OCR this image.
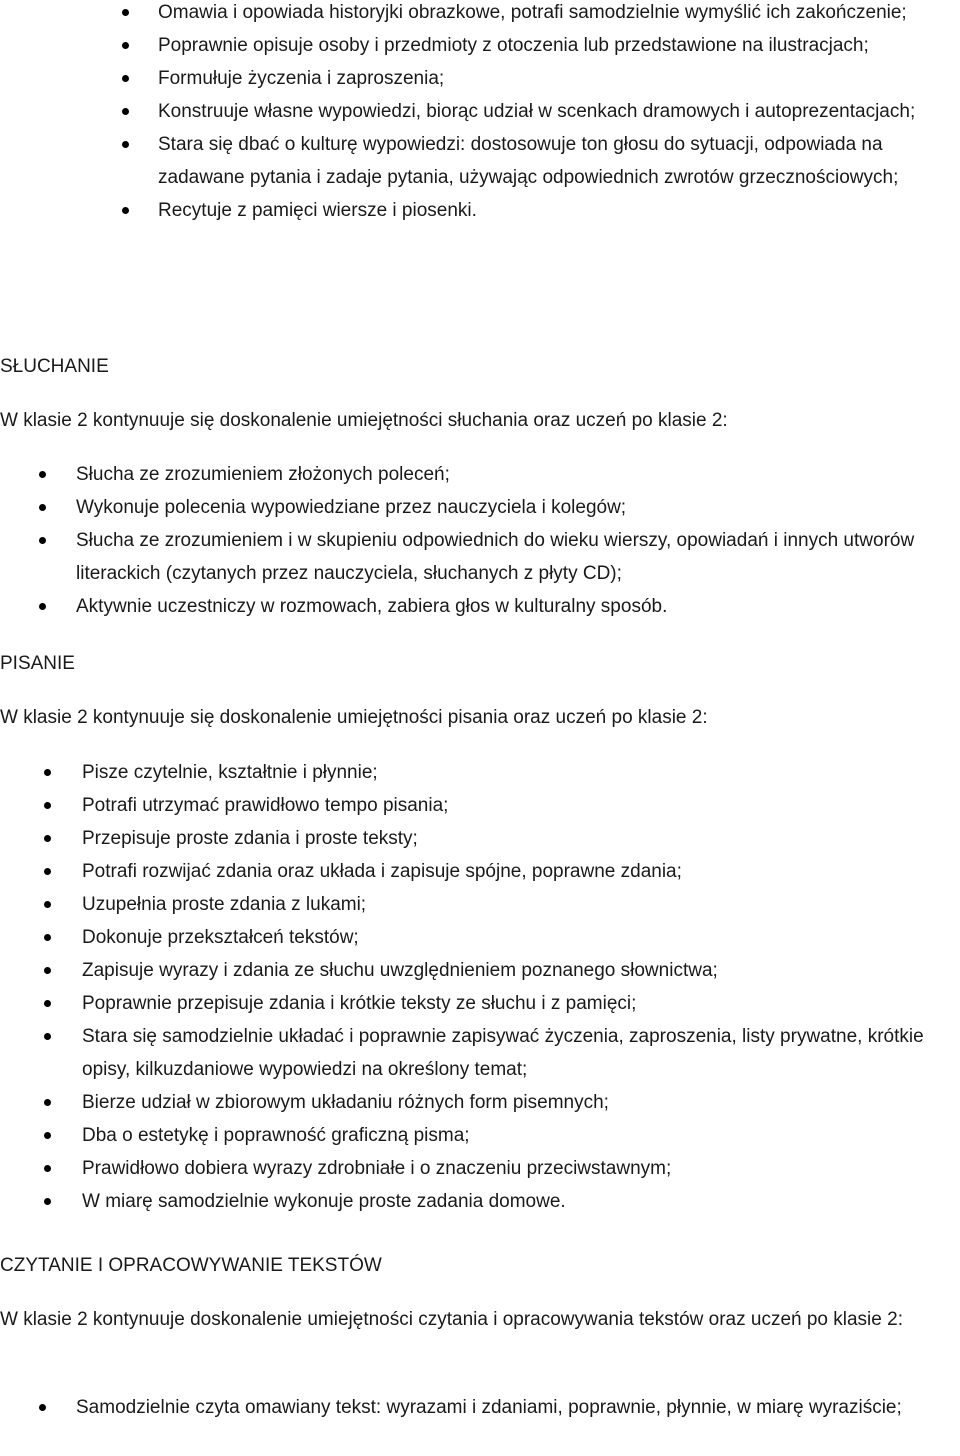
Omawia i opowiada historyjki obrazkowe, potrafi samodzielnie wymyślić ich zakończenie;
Poprawnie opisuje osoby i przedmioty z otoczenia lub przedstawione na ilustracjach;
Formułuje życzenia i zaproszenia;
Konstruuje własne wypowiedzi, biorąc udział w scenkach dramowych i autoprezentacjach;
Stara się dbać o kulturę wypowiedzi: dostosowuje ton głosu do sytuacji, odpowiada na zadawane pytania i zadaje pytania, używając odpowiednich zwrotów grzecznościowych;
Recytuje z pamięci wiersze i piosenki.

SŁUCHANIE

W klasie 2 kontynuuje się doskonalenie umiejętności słuchania oraz uczeń po klasie 2:

Słucha ze zrozumieniem złożonych poleceń;
Wykonuje polecenia wypowiedziane przez nauczyciela i kolegów;
Słucha ze zrozumieniem i w skupieniu odpowiednich do wieku wierszy, opowiadań i innych utworów literackich (czytanych przez nauczyciela, słuchanych z płyty CD);
Aktywnie uczestniczy w rozmowach, zabiera głos w kulturalny sposób.

PISANIE

W klasie 2 kontynuuje się doskonalenie umiejętności pisania oraz uczeń po klasie 2:

Pisze czytelnie, kształtnie i płynnie;
Potrafi utrzymać prawidłowo tempo pisania;
Przepisuje proste zdania i proste teksty;
Potrafi rozwijać zdania oraz układa i zapisuje spójne, poprawne zdania;
Uzupełnia proste zdania z lukami;
Dokonuje przekształceń tekstów;
Zapisuje wyrazy i zdania ze słuchu uwzględnieniem poznanego słownictwa;
Poprawnie przepisuje zdania i krótkie teksty ze słuchu i z pamięci;
Stara się samodzielnie układać i poprawnie zapisywać życzenia, zaproszenia, listy prywatne, krótkie opisy, kilkuzdaniowe wypowiedzi na określony temat;
Bierze udział w zbiorowym układaniu różnych form pisemnych;
Dba o estetykę i poprawność graficzną pisma;
Prawidłowo dobiera wyrazy zdrobniałe i o znaczeniu przeciwstawnym;
W miarę samodzielnie wykonuje proste zadania domowe.

CZYTANIE I OPRACOWYWANIE TEKSTÓW

W klasie 2 kontynuuje doskonalenie umiejętności czytania i opracowywania tekstów oraz uczeń po klasie 2:

Samodzielnie czyta omawiany tekst: wyrazami i zdaniami, poprawnie, płynnie, w miarę wyraziście;
